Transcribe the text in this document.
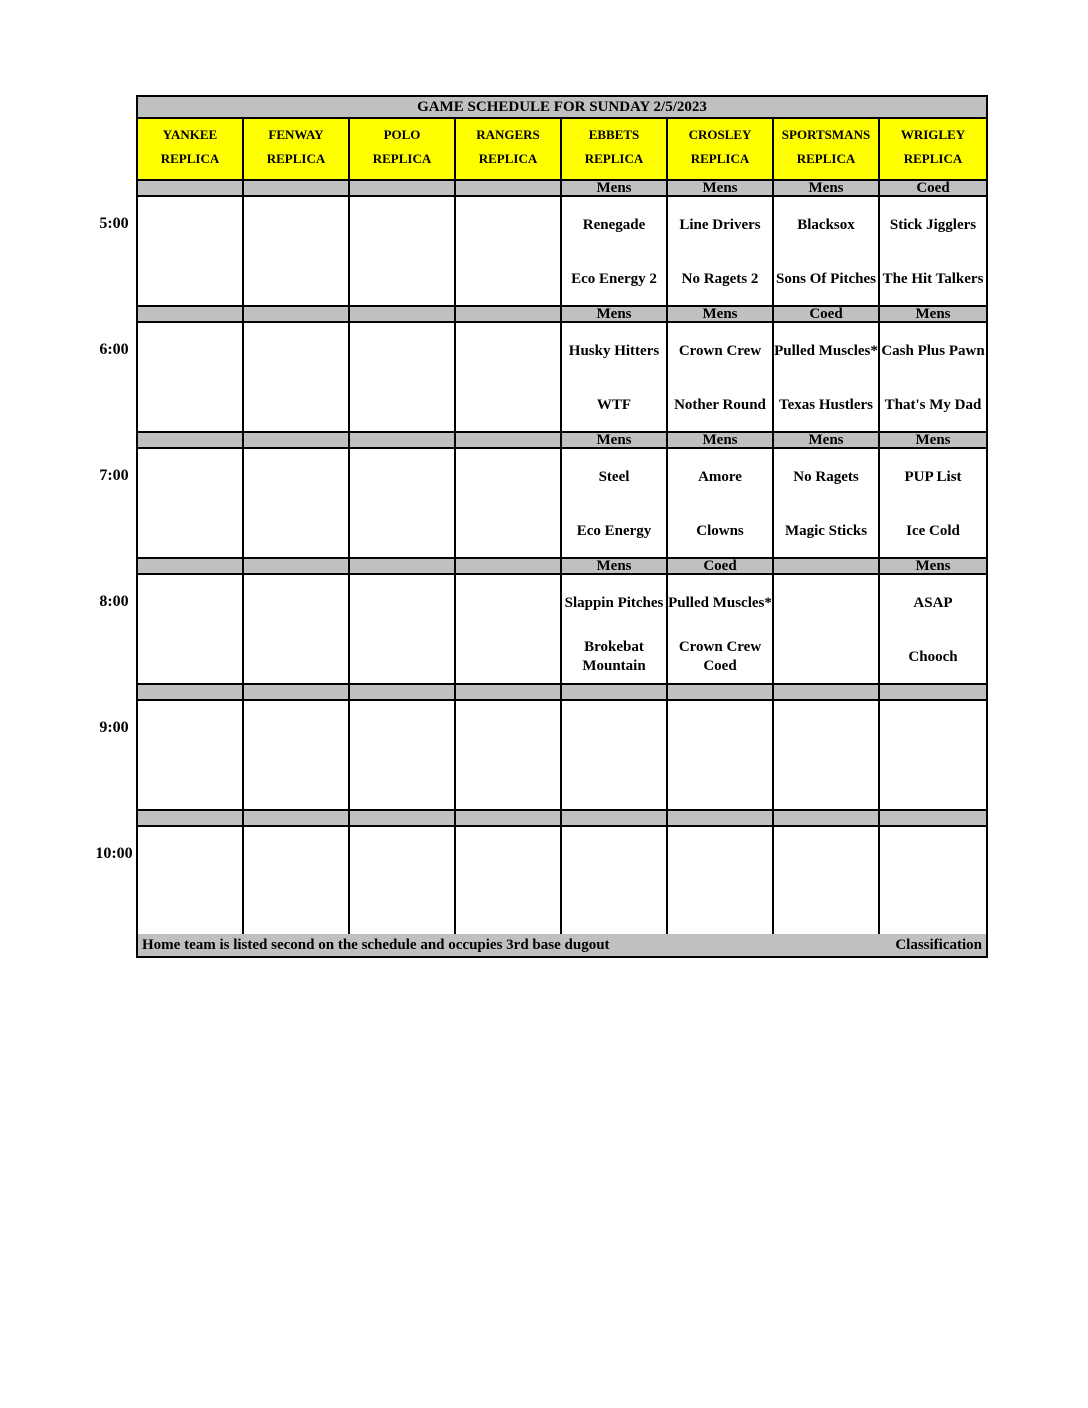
GAME SCHEDULE FOR SUNDAY 2/5/2023
YANKEE
REPLICA
FENWAY
REPLICA
POLO
REPLICA
RANGERS
REPLICA
EBBETS
REPLICA
CROSLEY
REPLICA
SPORTSMANS
REPLICA
WRIGLEY
REPLICA
Mens
Renegade
Eco Energy 2
Mens
Line Drivers
No Ragets 2
Mens
Blacksox
Sons Of Pitches
Coed
Stick Jigglers
The Hit Talkers
Mens
Husky Hitters
WTF
Mens
Crown Crew
Nother Round
Coed
Pulled Muscles*
Texas Hustlers
Mens
Cash Plus Pawn
That's My Dad
Mens
Steel
Eco Energy
Mens
Amore
Clowns
Mens
No Ragets
Magic Sticks
Mens
PUP List
Ice Cold
Mens
Slappin Pitches
Brokebat Mountain
Coed
Pulled Muscles*
Crown Crew Coed
Mens
ASAP
Chooch
Home team is listed second on the schedule and occupies 3rd base dugout	Classification
5:00
6:00
7:00
8:00
9:00
10:00
